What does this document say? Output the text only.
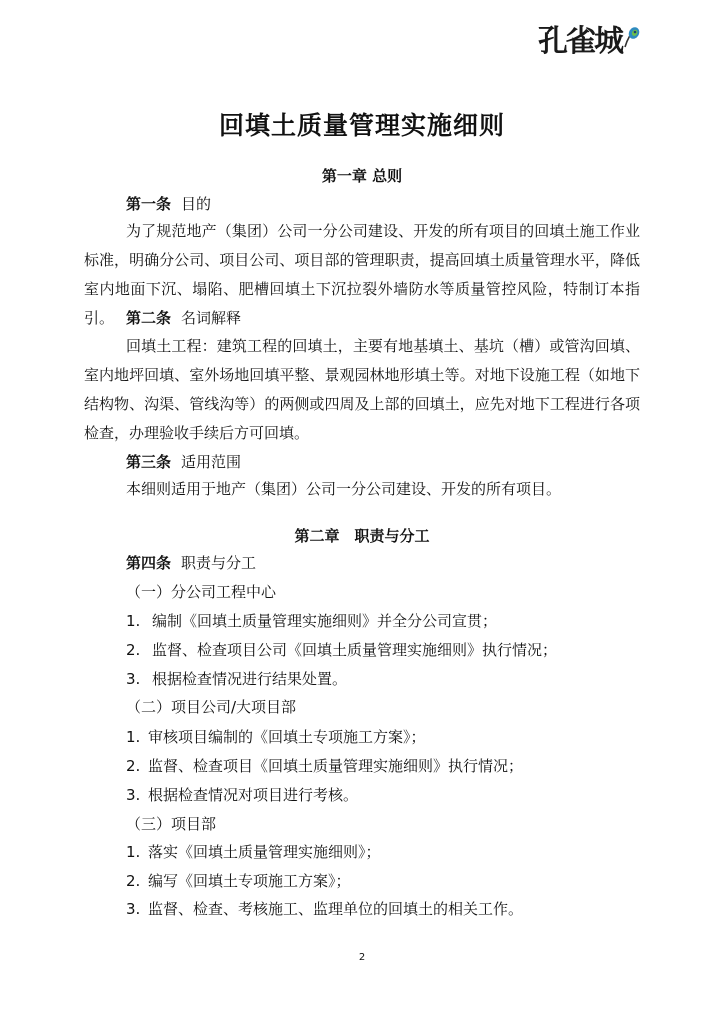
孔雀城
回填土质量管理实施细则
第一章 总则
第一条 目的
为了规范地产（集团）公司一分公司建设、开发的所有项目的回填土施工作业标准，明确分公司、项目公司、项目部的管理职责，提高回填土质量管理水平，降低室内地面下沉、塌陷、肥槽回填土下沉拉裂外墙防水等质量管控风险，特制订本指引。 第二条 名词解释
回填土工程：建筑工程的回填土，主要有地基填土、基坑（槽）或管沟回填、室内地坪回填、室外场地回填平整、景观园林地形填土等。对地下设施工程（如地下结构物、沟渠、管线沟等）的两侧或四周及上部的回填土，应先对地下工程进行各项检查，办理验收手续后方可回填。
第三条 适用范围
本细则适用于地产（集团）公司一分公司建设、开发的所有项目。
第二章　职责与分工
第四条 职责与分工
（一）分公司工程中心
1. 编制《回填土质量管理实施细则》并全分公司宣贯；
2. 监督、检查项目公司《回填土质量管理实施细则》执行情况；
3. 根据检查情况进行结果处置。
（二）项目公司/大项目部
1. 审核项目编制的《回填土专项施工方案》；
2. 监督、检查项目《回填土质量管理实施细则》执行情况；
3. 根据检查情况对项目进行考核。
（三）项目部
1. 落实《回填土质量管理实施细则》；
2. 编写《回填土专项施工方案》；
3. 监督、检查、考核施工、监理单位的回填土的相关工作。
2
